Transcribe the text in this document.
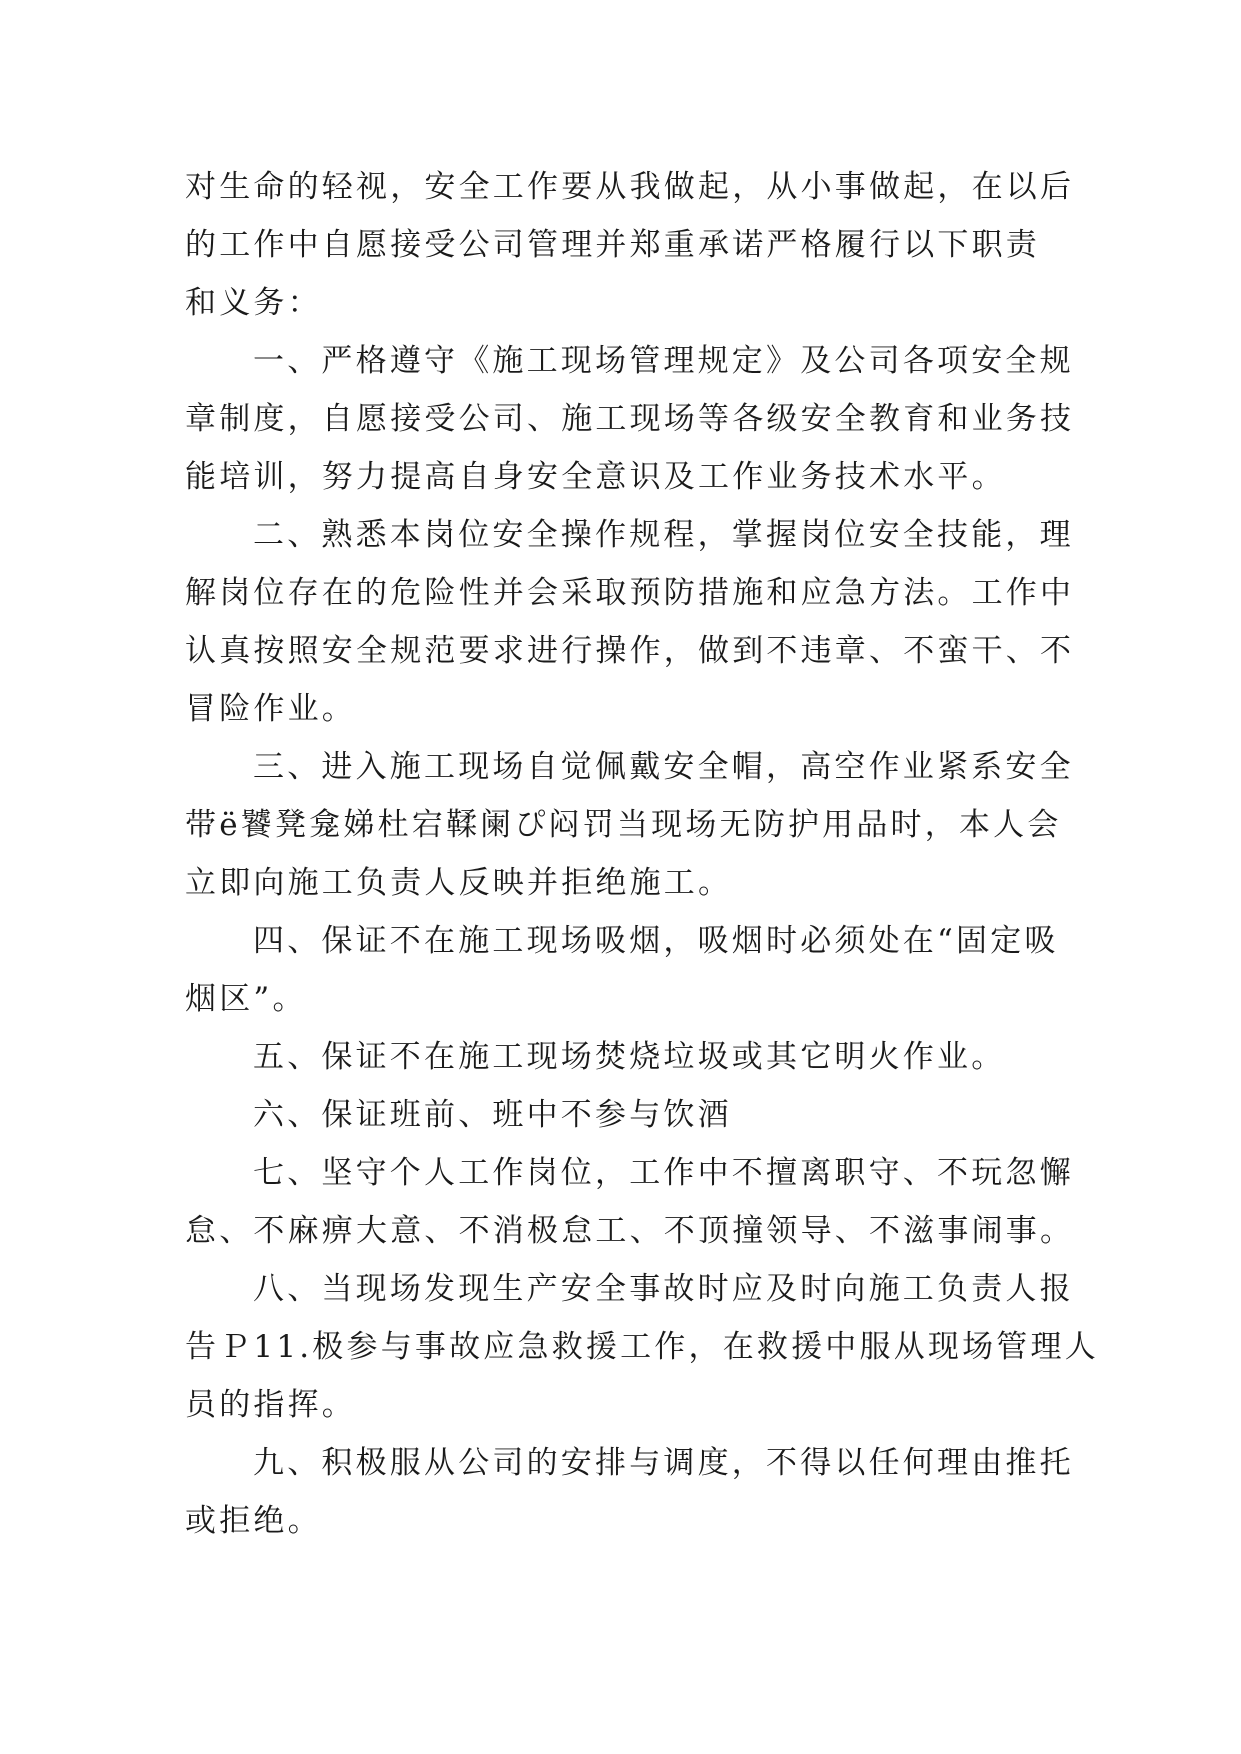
对生命的轻视，安全工作要从我做起，从小事做起，在以后
的工作中自愿接受公司管理并郑重承诺严格履行以下职责
和义务：
一、严格遵守《施工现场管理规定》及公司各项安全规
章制度，自愿接受公司、施工现场等各级安全教育和业务技
能培训，努力提高自身安全意识及工作业务技术水平。
二、熟悉本岗位安全操作规程，掌握岗位安全技能，理
解岗位存在的危险性并会采取预防措施和应急方法。工作中
认真按照安全规范要求进行操作，做到不违章、不蛮干、不
冒险作业。
三、进入施工现场自觉佩戴安全帽，高空作业紧系安全
带ё饕凳龛娣杜宕鞣阑ぴ闷罚当现场无防护用品时，本人会
立即向施工负责人反映并拒绝施工。
四、保证不在施工现场吸烟，吸烟时必须处在“固定吸
烟区”。
五、保证不在施工现场焚烧垃圾或其它明火作业。
六、保证班前、班中不参与饮酒
七、坚守个人工作岗位，工作中不擅离职守、不玩忽懈
怠、不麻痹大意、不消极怠工、不顶撞领导、不滋事闹事。
八、当现场发现生产安全事故时应及时向施工负责人报
告Ｐ11.极参与事故应急救援工作，在救援中服从现场管理人
员的指挥。
九、积极服从公司的安排与调度，不得以任何理由推托
或拒绝。
